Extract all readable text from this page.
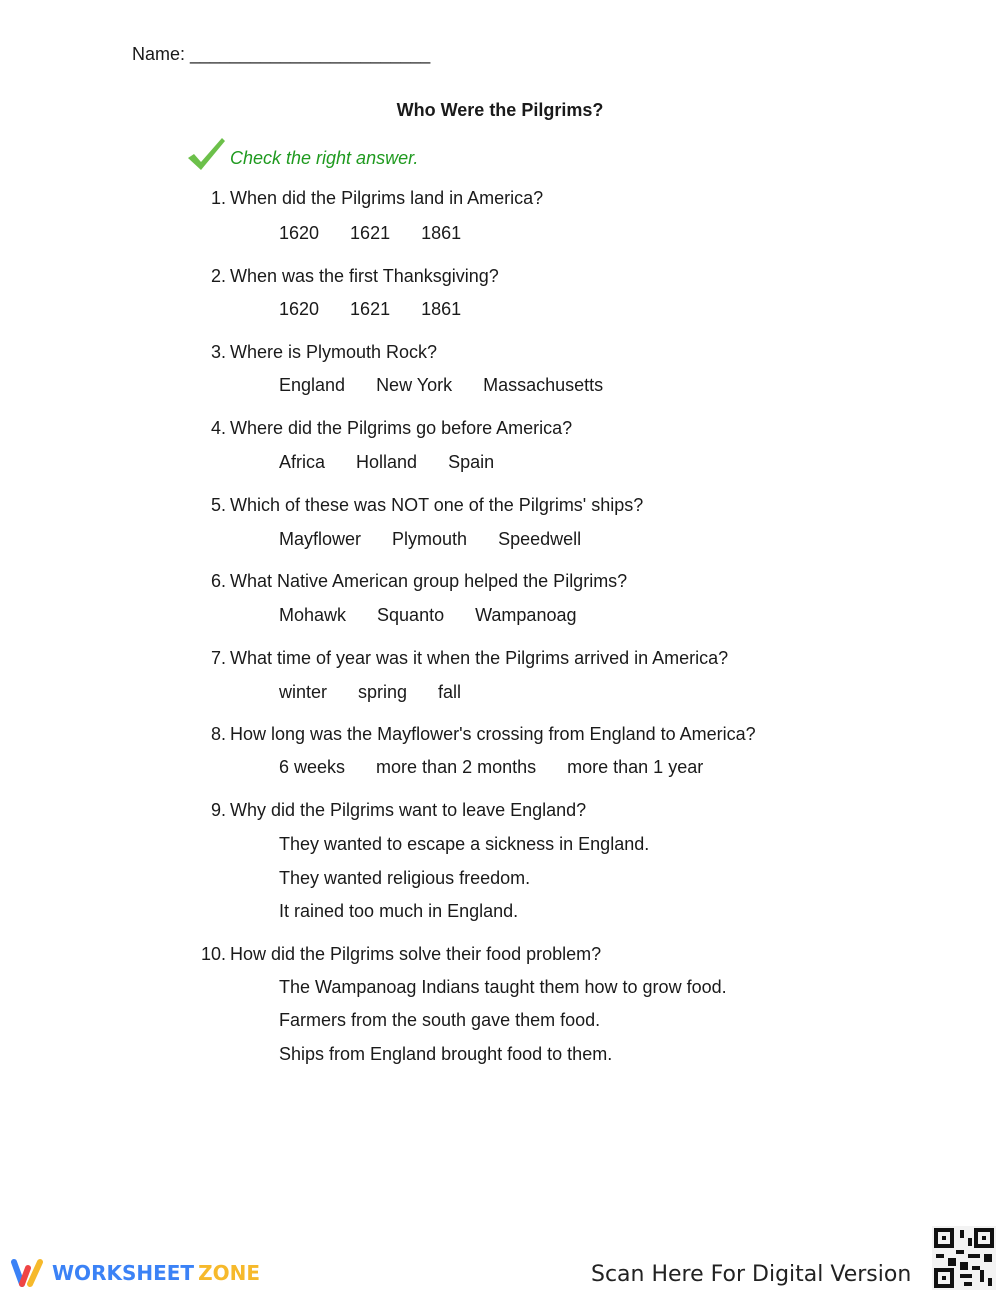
Name: ________________________
Who Were the Pilgrims?
Check the right answer.
1. When did the Pilgrims land in America?
1620 1621 1861
2. When was the first Thanksgiving?
1620 1621 1861
3. Where is Plymouth Rock?
England New York Massachusetts
4. Where did the Pilgrims go before America?
Africa Holland Spain
5. Which of these was NOT one of the Pilgrims' ships?
Mayflower Plymouth Speedwell
6. What Native American group helped the Pilgrims?
Mohawk Squanto Wampanoag
7. What time of year was it when the Pilgrims arrived in America?
winter spring fall
8. How long was the Mayflower's crossing from England to America?
6 weeks more than 2 months more than 1 year
9. Why did the Pilgrims want to leave England?
They wanted to escape a sickness in England.
They wanted religious freedom.
It rained too much in England.
10. How did the Pilgrims solve their food problem?
The Wampanoag Indians taught them how to grow food.
Farmers from the south gave them food.
Ships from England brought food to them.
WORKSHEET ZONE	Scan Here For Digital Version
